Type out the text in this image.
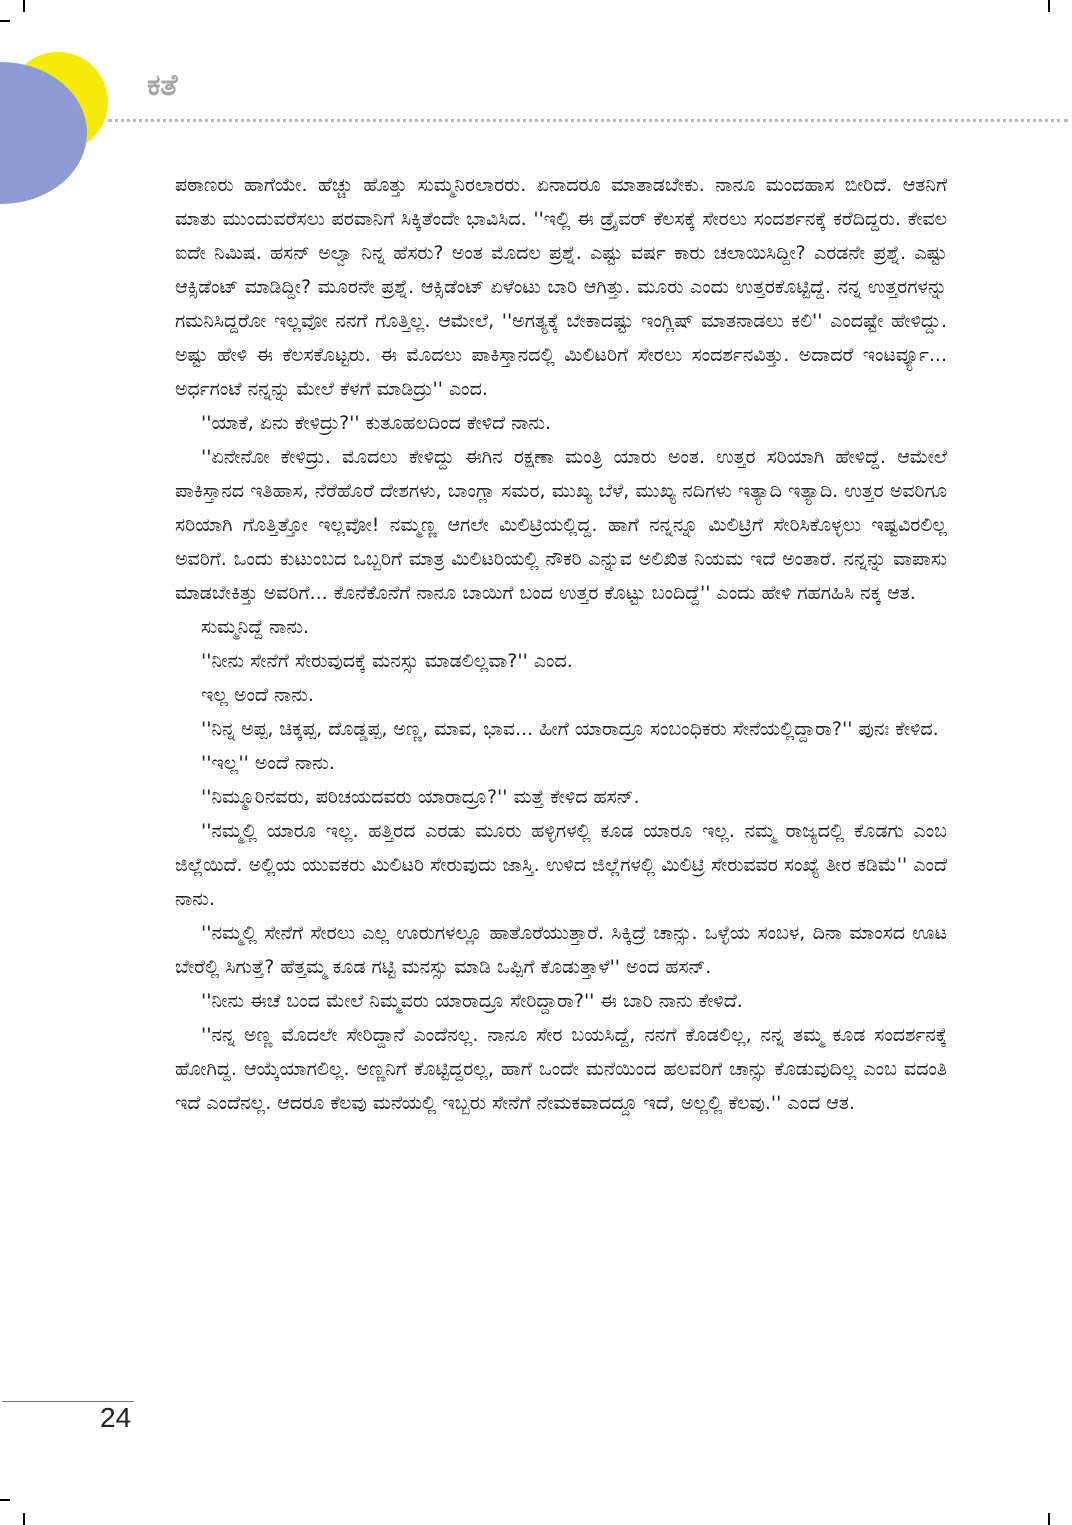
ಕತೆ

ಪಠಾಣರು ಹಾಗೆಯೇ. ಹೆಚ್ಚು ಹೊತ್ತು ಸುಮ್ಮನಿರಲಾರರು. ಏನಾದರೂ ಮಾತಾಡಬೇಕು. ನಾನೂ ಮಂದಹಾಸ ಬೀರಿದೆ. ಆತನಿಗೆ ಮಾತು ಮುಂದುವರೆಸಲು ಪರವಾನಿಗೆ ಸಿಕ್ಕಿತೆಂದೇ ಭಾವಿಸಿದ. ''ಇಲ್ಲಿ ಈ ಡ್ರೈವರ್ ಕೆಲಸಕ್ಕೆ ಸೇರಲು ಸಂದರ್ಶನಕ್ಕೆ ಕರೆದಿದ್ದರು. ಕೇವಲ ಐದೇ ನಿಮಿಷ. ಹಸನ್ ಅಲ್ವಾ ನಿನ್ನ ಹೆಸರು? ಅಂತ ಮೊದಲ ಪ್ರಶ್ನೆ. ಎಷ್ಟು ವರ್ಷ ಕಾರು ಚಲಾಯಿಸಿದ್ದೀ? ಎರಡನೇ ಪ್ರಶ್ನೆ. ಎಷ್ಟು ಆಕ್ಸಿಡೆಂಟ್ ಮಾಡಿದ್ದೀ? ಮೂರನೇ ಪ್ರಶ್ನೆ. ಆಕ್ಸಿಡೆಂಟ್ ಏಳೆಂಟು ಬಾರಿ ಆಗಿತ್ತು. ಮೂರು ಎಂದು ಉತ್ತರಕೊಟ್ಟಿದ್ದೆ. ನನ್ನ ಉತ್ತರಗಳನ್ನು ಗಮನಿಸಿದ್ದರೋ ಇಲ್ಲವೋ ನನಗೆ ಗೊತ್ತಿಲ್ಲ. ಆಮೇಲೆ, ''ಅಗತ್ಯಕ್ಕೆ ಬೇಕಾದಷ್ಟು ಇಂಗ್ಲಿಷ್ ಮಾತನಾಡಲು ಕಲಿ'' ಎಂದಷ್ಟೇ ಹೇಳಿದ್ದು. ಅಷ್ಟು ಹೇಳಿ ಈ ಕೆಲಸಕೊಟ್ಟರು. ಈ ಮೊದಲು ಪಾಕಿಸ್ತಾನದಲ್ಲಿ ಮಿಲಿಟರಿಗೆ ಸೇರಲು ಸಂದರ್ಶನವಿತ್ತು. ಅದಾದರೆ ಇಂಟರ್ವ್ಯೂ... ಅರ್ಧಗಂಟೆ ನನ್ನನ್ನು ಮೇಲೆ ಕೆಳಗೆ ಮಾಡಿದ್ರು'' ಎಂದ.

''ಯಾಕೆ, ಏನು ಕೇಳಿದ್ರು?'' ಕುತೂಹಲದಿಂದ ಕೇಳಿದೆ ನಾನು.

''ಏನೇನೋ ಕೇಳಿದ್ರು. ಮೊದಲು ಕೇಳಿದ್ದು ಈಗಿನ ರಕ್ಷಣಾ ಮಂತ್ರಿ ಯಾರು ಅಂತ. ಉತ್ತರ ಸರಿಯಾಗಿ ಹೇಳಿದ್ದೆ. ಆಮೇಲೆ ಪಾಕಿಸ್ತಾನದ ಇತಿಹಾಸ, ನೆರೆಹೊರೆ ದೇಶಗಳು, ಬಾಂಗ್ಲಾ ಸಮರ, ಮುಖ್ಯ ಬೆಳೆ, ಮುಖ್ಯ ನದಿಗಳು ಇತ್ಯಾದಿ ಇತ್ಯಾದಿ. ಉತ್ತರ ಅವರಿಗೂ ಸರಿಯಾಗಿ ಗೊತ್ತಿತ್ತೋ ಇಲ್ಲವೋ! ನಮ್ಮಣ್ಣ ಆಗಲೇ ಮಿಲಿಟ್ರಿಯಲ್ಲಿದ್ದ. ಹಾಗೆ ನನ್ನನ್ನೂ ಮಿಲಿಟ್ರಿಗೆ ಸೇರಿಸಿಕೊಳ್ಳಲು ಇಷ್ಟವಿರಲಿಲ್ಲ ಅವರಿಗೆ. ಒಂದು ಕುಟುಂಬದ ಒಬ್ಬರಿಗೆ ಮಾತ್ರ ಮಿಲಿಟರಿಯಲ್ಲಿ ನೌಕರಿ ಎನ್ನುವ ಅಲಿಖಿತ ನಿಯಮ ಇದೆ ಅಂತಾರೆ. ನನ್ನನ್ನು ವಾಪಾಸು ಮಾಡಬೇಕಿತ್ತು ಅವರಿಗೆ... ಕೊನೆಕೊನೆಗೆ ನಾನೂ ಬಾಯಿಗೆ ಬಂದ ಉತ್ತರ ಕೊಟ್ಟು ಬಂದಿದ್ದೆ'' ಎಂದು ಹೇಳಿ ಗಹಗಹಿಸಿ ನಕ್ಕ ಆತ.

ಸುಮ್ಮನಿದ್ದೆ ನಾನು.

''ನೀನು ಸೇನೆಗೆ ಸೇರುವುದಕ್ಕೆ ಮನಸ್ಸು ಮಾಡಲಿಲ್ಲವಾ?'' ಎಂದ.

ಇಲ್ಲ ಅಂದೆ ನಾನು.

''ನಿನ್ನ ಅಪ್ಪ, ಚಿಕ್ಕಪ್ಪ, ದೊಡ್ಡಪ್ಪ, ಅಣ್ಣ, ಮಾವ, ಭಾವ... ಹೀಗೆ ಯಾರಾದ್ರೂ ಸಂಬಂಧಿಕರು ಸೇನೆಯಲ್ಲಿದ್ದಾರಾ?'' ಪುನಃ ಕೇಳಿದ.

''ಇಲ್ಲ'' ಅಂದೆ ನಾನು.

''ನಿಮ್ಮೂರಿನವರು, ಪರಿಚಯದವರು ಯಾರಾದ್ರೂ?'' ಮತ್ತೆ ಕೇಳಿದ ಹಸನ್.

''ನಮ್ಮಲ್ಲಿ ಯಾರೂ ಇಲ್ಲ. ಹತ್ತಿರದ ಎರಡು ಮೂರು ಹಳ್ಳಿಗಳಲ್ಲಿ ಕೂಡ ಯಾರೂ ಇಲ್ಲ. ನಮ್ಮ ರಾಜ್ಯದಲ್ಲಿ ಕೊಡಗು ಎಂಬ ಜಿಲ್ಲೆಯಿದೆ. ಅಲ್ಲಿಯ ಯುವಕರು ಮಿಲಿಟರಿ ಸೇರುವುದು ಜಾಸ್ತಿ. ಉಳಿದ ಜಿಲ್ಲೆಗಳಲ್ಲಿ ಮಿಲಿಟ್ರಿ ಸೇರುವವರ ಸಂಖ್ಯೆ ತೀರ ಕಡಿಮೆ'' ಎಂದೆ ನಾನು.

''ನಮ್ಮಲ್ಲಿ ಸೇನೆಗೆ ಸೇರಲು ಎಲ್ಲ ಊರುಗಳಲ್ಲೂ ಹಾತೊರೆಯುತ್ತಾರೆ. ಸಿಕ್ಕಿದ್ರೆ ಚಾನ್ಸು. ಒಳ್ಳೆಯ ಸಂಬಳ, ದಿನಾ ಮಾಂಸದ ಊಟ ಬೇರೆಲ್ಲಿ ಸಿಗುತ್ತೆ? ಹೆತ್ತಮ್ಮ ಕೂಡ ಗಟ್ಟಿ ಮನಸ್ಸು ಮಾಡಿ ಒಪ್ಪಿಗೆ ಕೊಡುತ್ತಾಳೆ'' ಅಂದ ಹಸನ್.

''ನೀನು ಈಚೆ ಬಂದ ಮೇಲೆ ನಿಮ್ಮವರು ಯಾರಾದ್ರೂ ಸೇರಿದ್ದಾರಾ?'' ಈ ಬಾರಿ ನಾನು ಕೇಳಿದೆ.

''ನನ್ನ ಅಣ್ಣ ಮೊದಲೇ ಸೇರಿದ್ದಾನೆ ಎಂದೆನಲ್ಲ. ನಾನೂ ಸೇರ ಬಯಸಿದ್ದೆ, ನನಗೆ ಕೊಡಲಿಲ್ಲ, ನನ್ನ ತಮ್ಮ ಕೂಡ ಸಂದರ್ಶನಕ್ಕೆ ಹೋಗಿದ್ದ. ಆಯ್ಕೆಯಾಗಲಿಲ್ಲ. ಅಣ್ಣನಿಗೆ ಕೊಟ್ಟಿದ್ದರಲ್ಲ, ಹಾಗೆ ಒಂದೇ ಮನೆಯಿಂದ ಹಲವರಿಗೆ ಚಾನ್ಸು ಕೊಡುವುದಿಲ್ಲ ಎಂಬ ವದಂತಿ ಇದೆ ಎಂದೆನಲ್ಲ. ಆದರೂ ಕೆಲವು ಮನೆಯಲ್ಲಿ ಇಬ್ಬರು ಸೇನೆಗೆ ನೇಮಕವಾದದ್ದೂ ಇದೆ, ಅಲ್ಲಲ್ಲಿ ಕೆಲವು.'' ಎಂದ ಆತ.

24
